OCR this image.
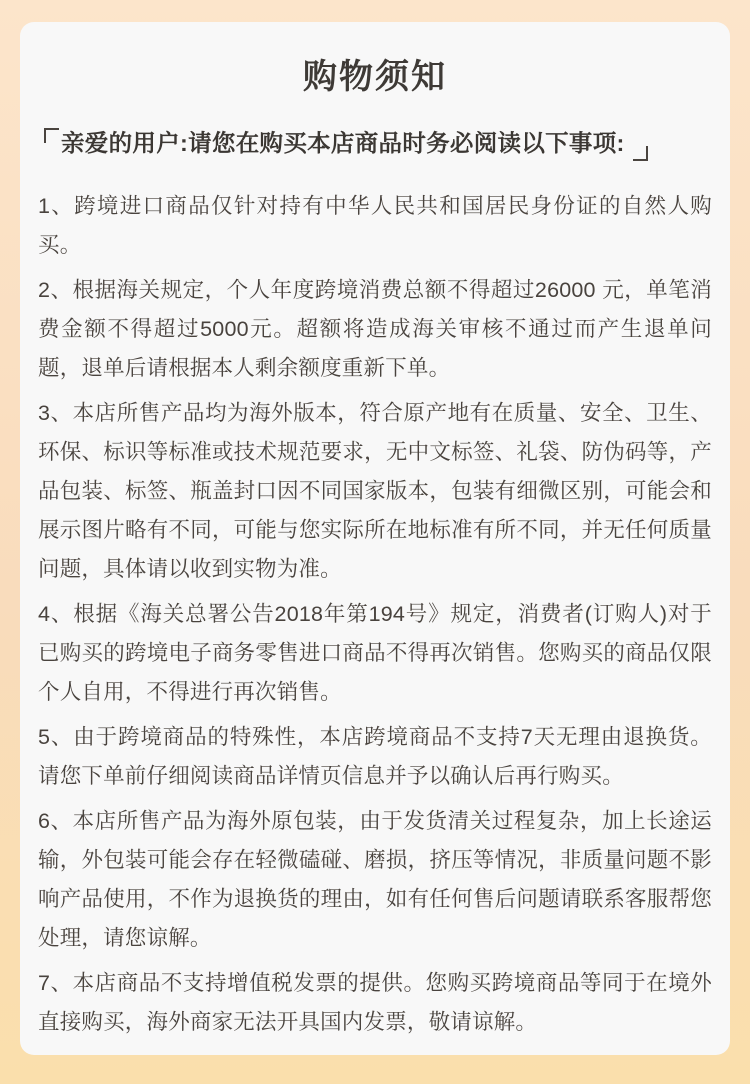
购物须知
亲爱的用户:请您在购买本店商品时务必阅读以下事项:

1、跨境进口商品仅针对持有中华人民共和国居民身份证的自然人购买。

2、根据海关规定，个人年度跨境消费总额不得超过26000 元，单笔消费金额不得超过5000元。超额将造成海关审核不通过而产生退单问题，退单后请根据本人剩余额度重新下单。

3、本店所售产品均为海外版本，符合原产地有在质量、安全、卫生、环保、标识等标准或技术规范要求，无中文标签、礼袋、防伪码等，产品包装、标签、瓶盖封口因不同国家版本，包装有细微区别，可能会和展示图片略有不同，可能与您实际所在地标准有所不同，并无任何质量问题，具体请以收到实物为准。

4、根据《海关总署公告2018年第194号》规定，消费者(订购人)对于已购买的跨境电子商务零售进口商品不得再次销售。您购买的商品仅限个人自用，不得进行再次销售。

5、由于跨境商品的特殊性，本店跨境商品不支持7天无理由退换货。请您下单前仔细阅读商品详情页信息并予以确认后再行购买。

6、本店所售产品为海外原包装，由于发货清关过程复杂，加上长途运输，外包装可能会存在轻微磕碰、磨损，挤压等情况，非质量问题不影响产品使用，不作为退换货的理由，如有任何售后问题请联系客服帮您处理，请您谅解。

7、本店商品不支持增值税发票的提供。您购买跨境商品等同于在境外直接购买，海外商家无法开具国内发票，敬请谅解。
